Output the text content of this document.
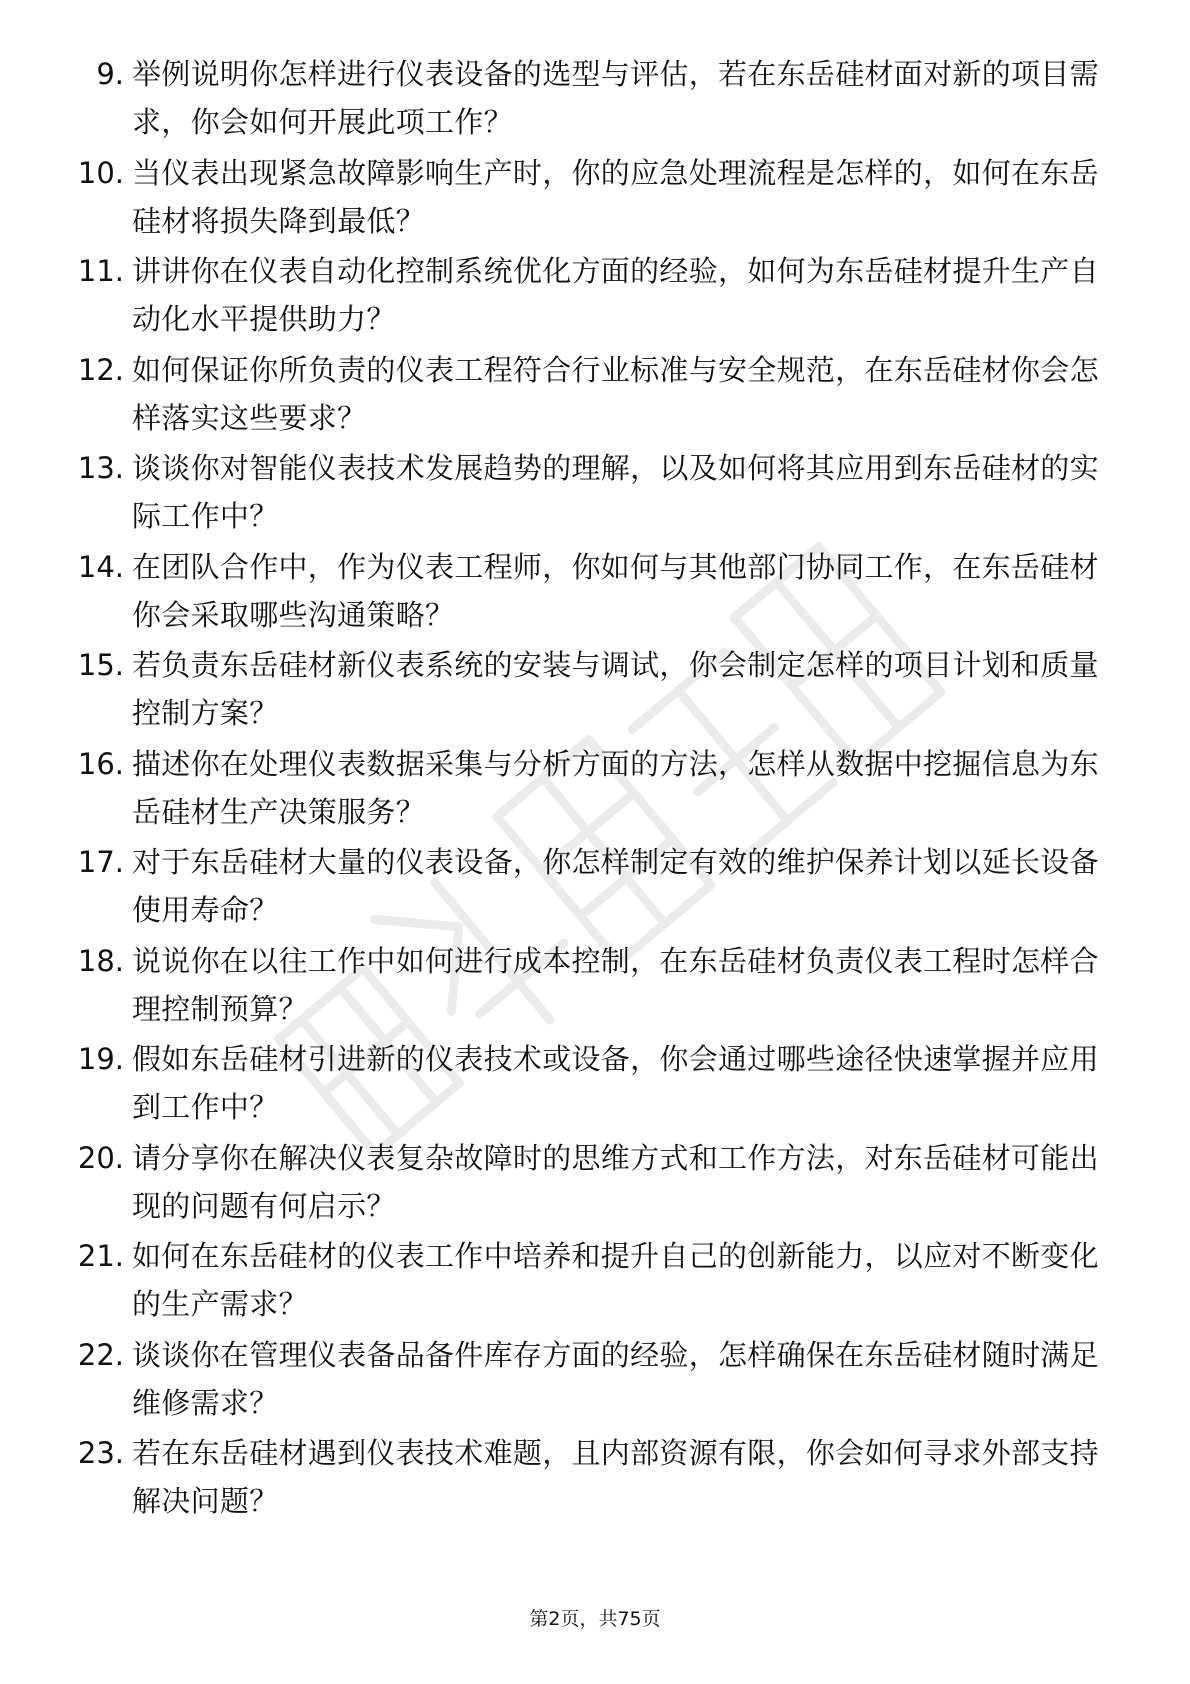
9. 举例说明你怎样进行仪表设备的选型与评估，若在东岳硅材面对新的项目需求，你会如何开展此项工作？
10. 当仪表出现紧急故障影响生产时，你的应急处理流程是怎样的，如何在东岳硅材将损失降到最低？
11. 讲讲你在仪表自动化控制系统优化方面的经验，如何为东岳硅材提升生产自动化水平提供助力？
12. 如何保证你所负责的仪表工程符合行业标准与安全规范，在东岳硅材你会怎样落实这些要求？
13. 谈谈你对智能仪表技术发展趋势的理解，以及如何将其应用到东岳硅材的实际工作中？
14. 在团队合作中，作为仪表工程师，你如何与其他部门协同工作，在东岳硅材你会采取哪些沟通策略？
15. 若负责东岳硅材新仪表系统的安装与调试，你会制定怎样的项目计划和质量控制方案？
16. 描述你在处理仪表数据采集与分析方面的方法，怎样从数据中挖掘信息为东岳硅材生产决策服务？
17. 对于东岳硅材大量的仪表设备，你怎样制定有效的维护保养计划以延长设备使用寿命？
18. 说说你在以往工作中如何进行成本控制，在东岳硅材负责仪表工程时怎样合理控制预算？
19. 假如东岳硅材引进新的仪表技术或设备，你会通过哪些途径快速掌握并应用到工作中？
20. 请分享你在解决仪表复杂故障时的思维方式和工作方法，对东岳硅材可能出现的问题有何启示？
21. 如何在东岳硅材的仪表工作中培养和提升自己的创新能力，以应对不断变化的生产需求？
22. 谈谈你在管理仪表备品备件库存方面的经验，怎样确保在东岳硅材随时满足维修需求？
23. 若在东岳硅材遇到仪表技术难题，且内部资源有限，你会如何寻求外部支持解决问题？
第2页，共75页
